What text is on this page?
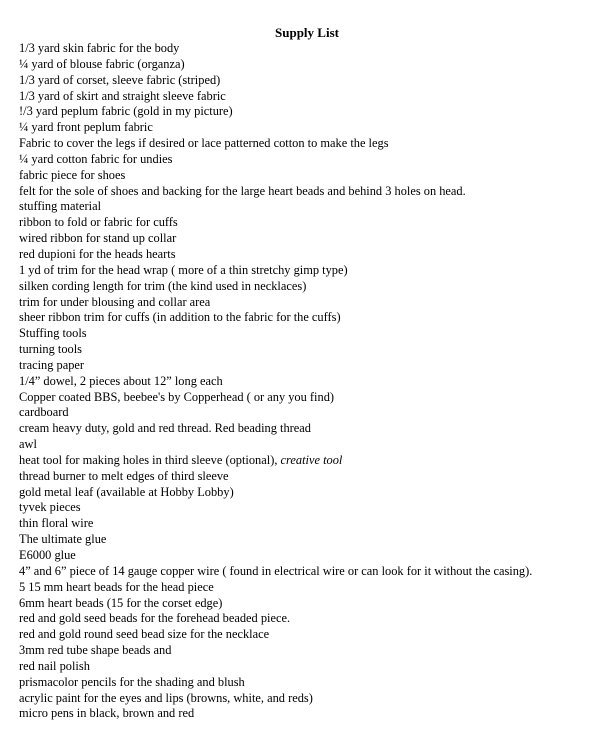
Supply List
1/3 yard skin fabric for the body
¼ yard of blouse fabric (organza)
1/3 yard of corset, sleeve fabric (striped)
1/3 yard of skirt and straight sleeve fabric
!/3 yard peplum fabric (gold in my picture)
¼ yard front peplum fabric
Fabric to cover the legs if desired or lace patterned cotton to make the legs
¼ yard cotton fabric for undies
fabric piece for shoes
felt for the sole of shoes and backing for the large heart beads and behind 3 holes on head.
stuffing material
ribbon to fold or fabric for cuffs
wired ribbon for stand up collar
red dupioni for the heads hearts
1 yd of trim for the head wrap ( more of a thin stretchy gimp type)
silken cording length for trim (the kind used in necklaces)
trim for under blousing and collar area
sheer ribbon trim for cuffs (in addition to the fabric for the cuffs)
Stuffing tools
turning tools
tracing paper
1/4” dowel, 2 pieces about 12” long each
Copper coated BBS, beebee's by Copperhead ( or any you find)
cardboard
cream heavy duty, gold and red thread. Red beading thread
awl
heat tool for making holes in third sleeve (optional), creative tool
thread burner to melt edges of third sleeve
gold metal leaf (available at Hobby Lobby)
tyvek pieces
thin floral wire
The ultimate glue
E6000 glue
4” and 6” piece of 14 gauge copper wire ( found in electrical wire or can look for it without the casing).
5 15 mm heart beads for the head piece
6mm heart beads (15 for the corset edge)
red and gold seed beads for the forehead beaded piece.
red and gold round seed bead size for the necklace
3mm red tube shape beads and
red nail polish
prismacolor pencils for the shading and blush
acrylic paint for the eyes and lips (browns, white, and reds)
micro pens in black, brown and red
